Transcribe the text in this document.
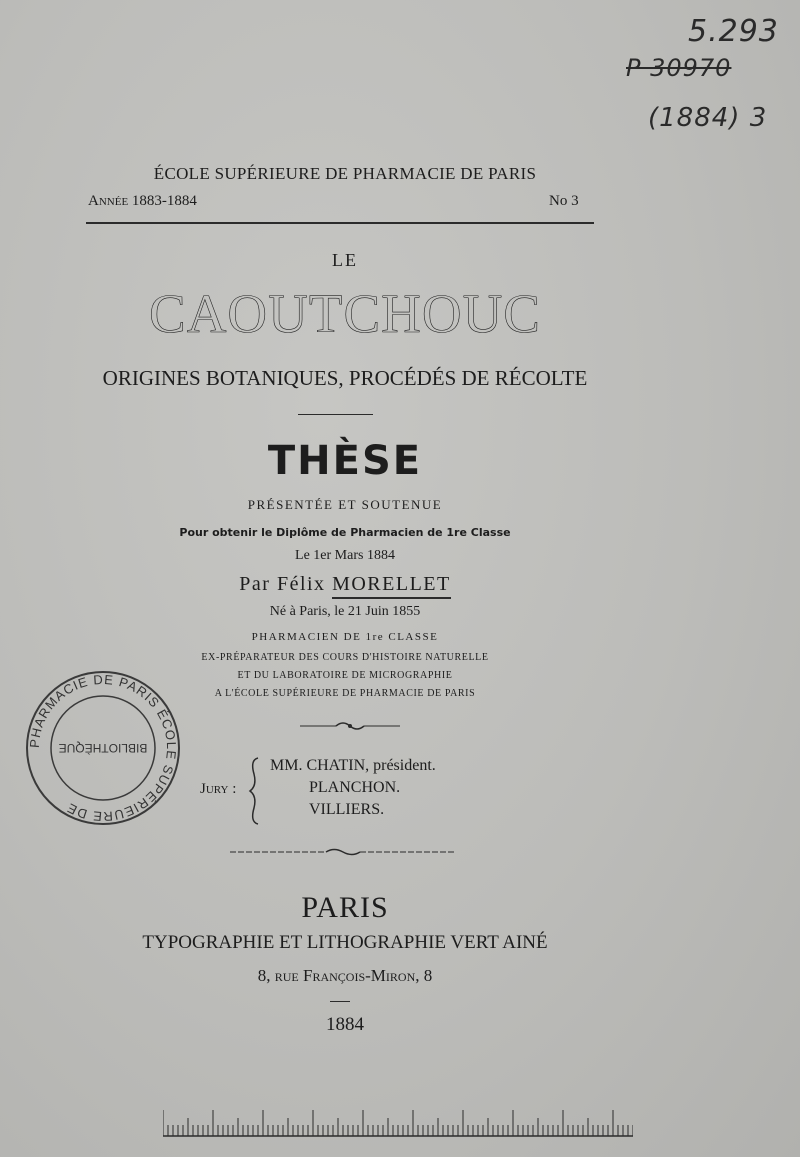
5.293
P 30970
(1884) 3
ÉCOLE SUPÉRIEURE DE PHARMACIE DE PARIS
Année 1883-1884	No 3
LE
CAOUTCHOUC
ORIGINES BOTANIQUES, PROCÉDÉS DE RÉCOLTE
THÈSE
PRÉSENTÉE ET SOUTENUE
Pour obtenir le Diplôme de Pharmacien de 1re Classe
Le 1er Mars 1884
Par Félix MORELLET
Né à Paris, le 21 Juin 1855
PHARMACIEN DE 1re CLASSE
EX-PRÉPARATEUR DES COURS D'HISTOIRE NATURELLE
ET DU LABORATOIRE DE MICROGRAPHIE
A L'ÉCOLE SUPÉRIEURE DE PHARMACIE DE PARIS
Jury :
MM. CHATIN, président.
PLANCHON.
VILLIERS.
PHARMACIE DE PARIS ÉCOLE SUPÉRIEURE DE
BIBLIOTHÈQUE
PARIS
TYPOGRAPHIE ET LITHOGRAPHIE VERT AINÉ
8, rue François-Miron, 8
1884
